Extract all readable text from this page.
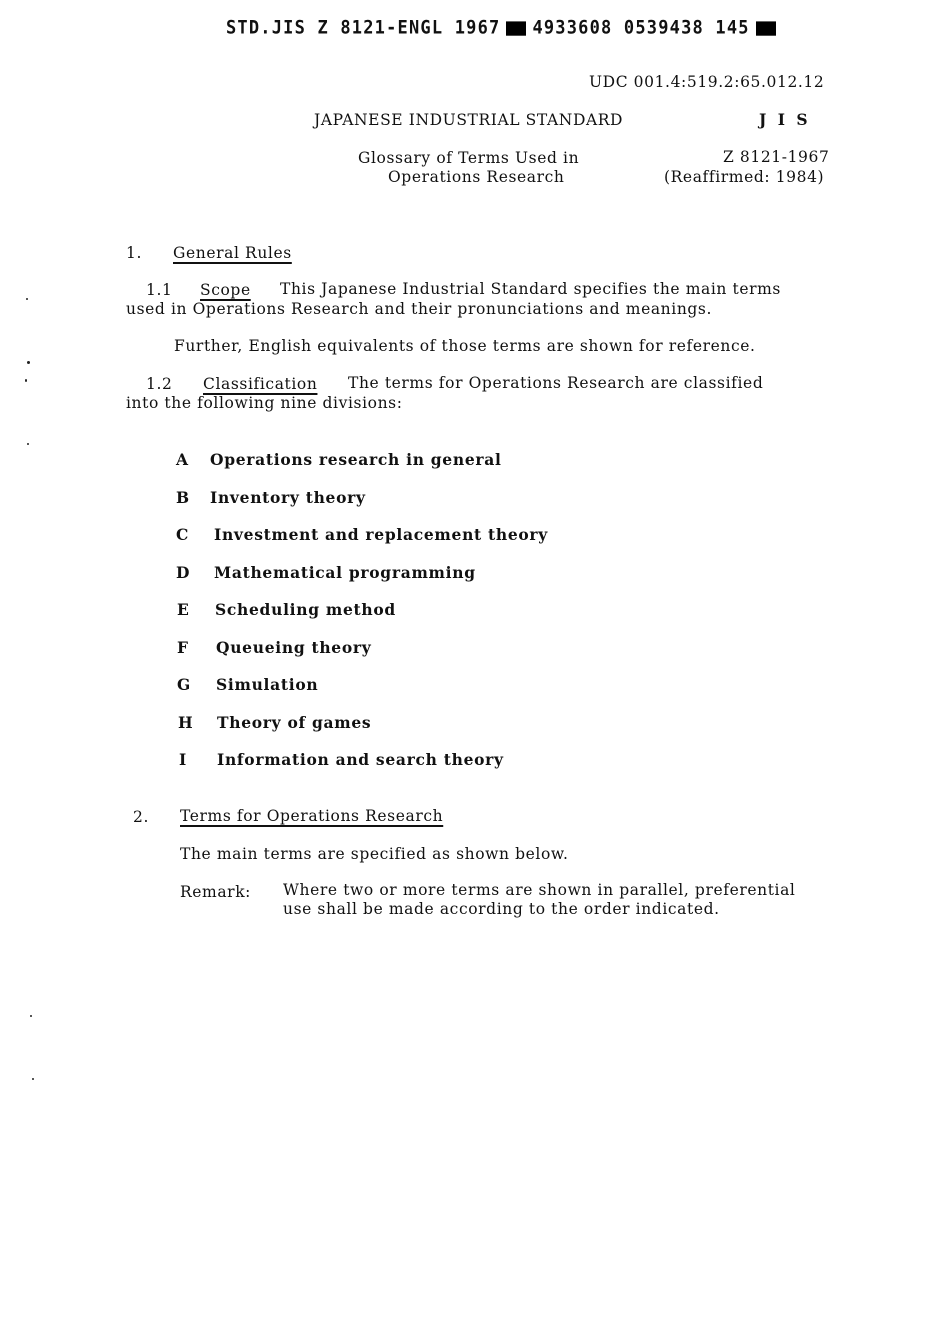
STD.JIS Z 8121-ENGL 1967 4933608 0539438 145
UDC 001.4:519.2:65.012.12
JAPANESE INDUSTRIAL STANDARD	J I S
Glossary of Terms Used in
Operations Research
Z 8121-1967
(Reaffirmed: 1984)
1. General Rules
1.1 Scope This Japanese Industrial Standard specifies the main terms
used in Operations Research and their pronunciations and meanings.
Further, English equivalents of those terms are shown for reference.
1.2 Classification The terms for Operations Research are classified
into the following nine divisions:
A Operations research in general
B Inventory theory
C Investment and replacement theory
D Mathematical programming
E Scheduling method
F Queueing theory
G Simulation
H Theory of games
I Information and search theory
2. Terms for Operations Research
The main terms are specified as shown below.
Remark: Where two or more terms are shown in parallel, preferential
use shall be made according to the order indicated.
